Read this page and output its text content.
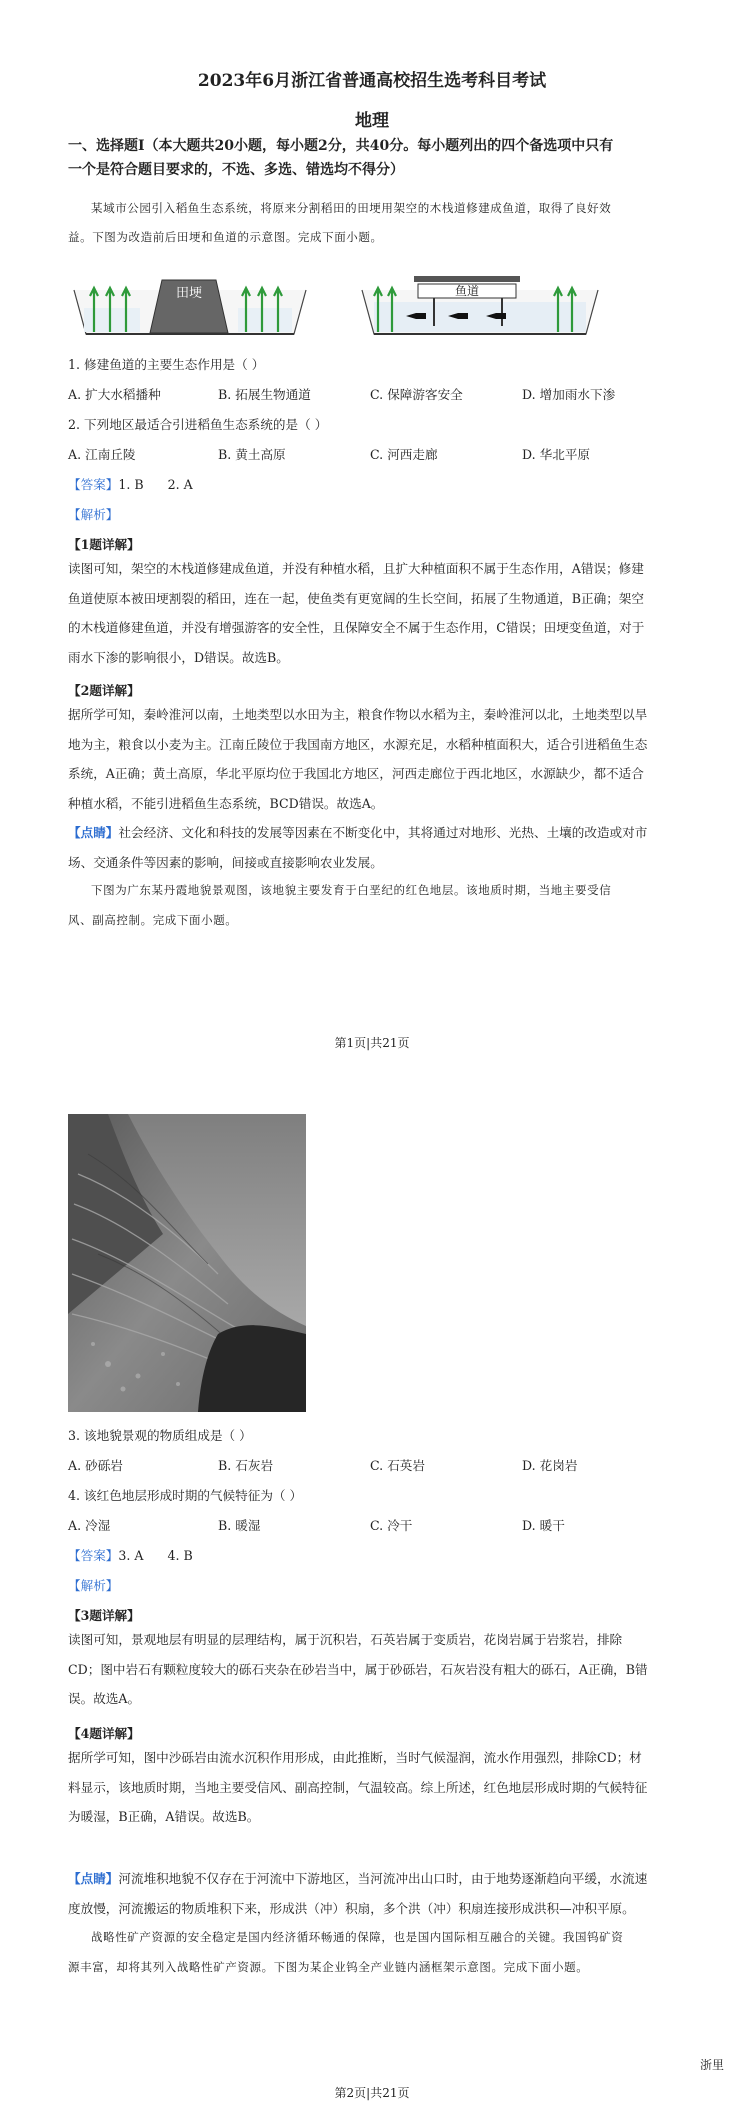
2023年6月浙江省普通高校招生选考科目考试
地理
一、选择题Ⅰ（本大题共20小题，每小题2分，共40分。每小题列出的四个备选项中只有
一个是符合题目要求的，不选、多选、错选均不得分）
某域市公园引入稻鱼生态系统，将原来分割稻田的田埂用架空的木栈道修建成鱼道，取得了良好效
益。下图为改造前后田埂和鱼道的示意图。完成下面小题。
田埂	鱼道
1. 修建鱼道的主要生态作用是（ ）
A. 扩大水稻播种	B. 拓展生物通道	C. 保障游客安全	D. 增加雨水下渗
2. 下列地区最适合引进稻鱼生态系统的是（ ）
A. 江南丘陵	B. 黄土高原	C. 河西走廊	D. 华北平原
【答案】1. B      2. A
【解析】
【1题详解】
读图可知，架空的木栈道修建成鱼道，并没有种植水稻，且扩大种植面积不属于生态作用，A错误；修建
鱼道使原本被田埂割裂的稻田，连在一起，使鱼类有更宽阔的生长空间，拓展了生物通道，B正确；架空
的木栈道修建鱼道，并没有增强游客的安全性，且保障安全不属于生态作用，C错误；田埂变鱼道，对于
雨水下渗的影响很小，D错误。故选B。
【2题详解】
据所学可知，秦岭淮河以南，土地类型以水田为主，粮食作物以水稻为主，秦岭淮河以北，土地类型以旱
地为主，粮食以小麦为主。江南丘陵位于我国南方地区，水源充足，水稻种植面积大，适合引进稻鱼生态
系统，A正确；黄土高原，华北平原均位于我国北方地区，河西走廊位于西北地区，水源缺少，都不适合
种植水稻，不能引进稻鱼生态系统，BCD错误。故选A。
【点睛】社会经济、文化和科技的发展等因素在不断变化中，其将通过对地形、光热、土壤的改造或对市
场、交通条件等因素的影响，间接或直接影响农业发展。
下图为广东某丹霞地貌景观图，该地貌主要发育于白垩纪的红色地层。该地质时期，当地主要受信
风、副高控制。完成下面小题。
第1页|共21页
3. 该地貌景观的物质组成是（ ）
A. 砂砾岩	B. 石灰岩	C. 石英岩	D. 花岗岩
4. 该红色地层形成时期的气候特征为（ ）
A. 冷湿	B. 暖湿	C. 冷干	D. 暖干
【答案】3. A      4. B
【解析】
【3题详解】
读图可知，景观地层有明显的层理结构，属于沉积岩，石英岩属于变质岩，花岗岩属于岩浆岩，排除
CD；图中岩石有颗粒度较大的砾石夹杂在砂岩当中，属于砂砾岩，石灰岩没有粗大的砾石，A正确，B错
误。故选A。
【4题详解】
据所学可知，图中沙砾岩由流水沉积作用形成，由此推断，当时气候湿润，流水作用强烈，排除CD；材
料显示，该地质时期，当地主要受信风、副高控制，气温较高。综上所述，红色地层形成时期的气候特征
为暖湿，B正确，A错误。故选B。
【点睛】河流堆积地貌不仅存在于河流中下游地区，当河流冲出山口时，由于地势逐渐趋向平缓，水流速
度放慢，河流搬运的物质堆积下来，形成洪（冲）积扇，多个洪（冲）积扇连接形成洪积—冲积平原。
战略性矿产资源的安全稳定是国内经济循环畅通的保障，也是国内国际相互融合的关键。我国钨矿资
源丰富，却将其列入战略性矿产资源。下图为某企业钨全产业链内涵框架示意图。完成下面小题。
浙里
第2页|共21页
